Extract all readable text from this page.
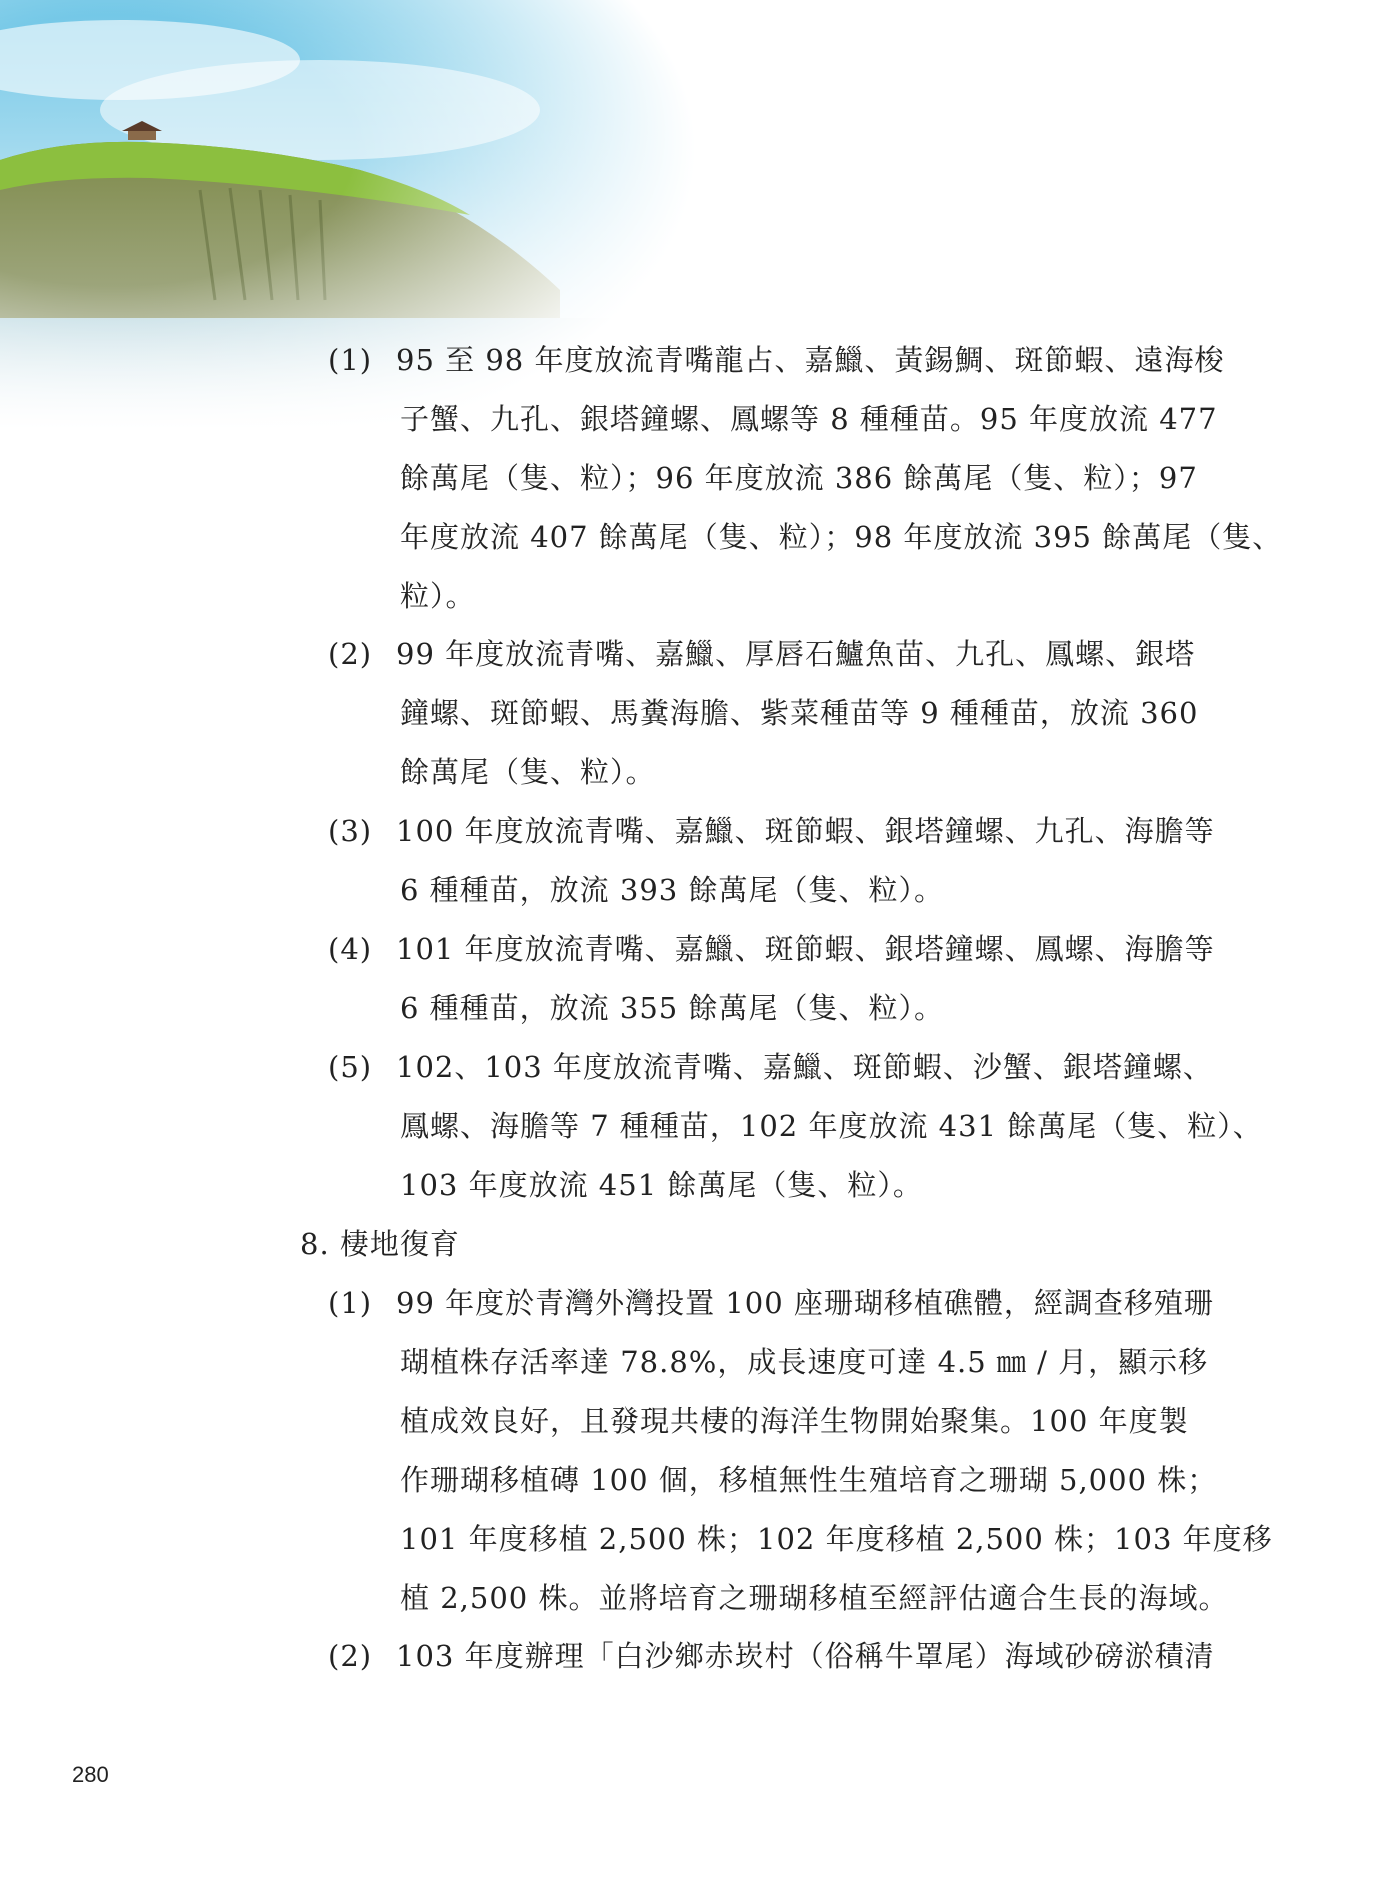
(1) 95 至 98 年度放流青嘴龍占、嘉鱲、黃錫鯛、斑節蝦、遠海梭
子蟹、九孔、銀塔鐘螺、鳳螺等 8 種種苗。95 年度放流 477
餘萬尾（隻、粒）；96 年度放流 386 餘萬尾（隻、粒）；97
年度放流 407 餘萬尾（隻、粒）；98 年度放流 395 餘萬尾（隻、
粒）。
(2) 99 年度放流青嘴、嘉鱲、厚唇石鱸魚苗、九孔、鳳螺、銀塔
鐘螺、斑節蝦、馬糞海膽、紫菜種苗等 9 種種苗，放流 360
餘萬尾（隻、粒）。
(3) 100 年度放流青嘴、嘉鱲、斑節蝦、銀塔鐘螺、九孔、海膽等
6 種種苗，放流 393 餘萬尾（隻、粒）。
(4) 101 年度放流青嘴、嘉鱲、斑節蝦、銀塔鐘螺、鳳螺、海膽等
6 種種苗，放流 355 餘萬尾（隻、粒）。
(5) 102、103 年度放流青嘴、嘉鱲、斑節蝦、沙蟹、銀塔鐘螺、
鳳螺、海膽等 7 種種苗，102 年度放流 431 餘萬尾（隻、粒）、
103 年度放流 451 餘萬尾（隻、粒）。
8. 棲地復育
(1) 99 年度於青灣外灣投置 100 座珊瑚移植礁體，經調查移殖珊
瑚植株存活率達 78.8%，成長速度可達 4.5 ㎜ / 月，顯示移
植成效良好，且發現共棲的海洋生物開始聚集。100 年度製
作珊瑚移植磚 100 個，移植無性生殖培育之珊瑚 5,000 株；
101 年度移植 2,500 株；102 年度移植 2,500 株；103 年度移
植 2,500 株。並將培育之珊瑚移植至經評估適合生長的海域。
(2) 103 年度辦理「白沙鄉赤崁村（俗稱牛罩尾）海域砂磅淤積清
280
